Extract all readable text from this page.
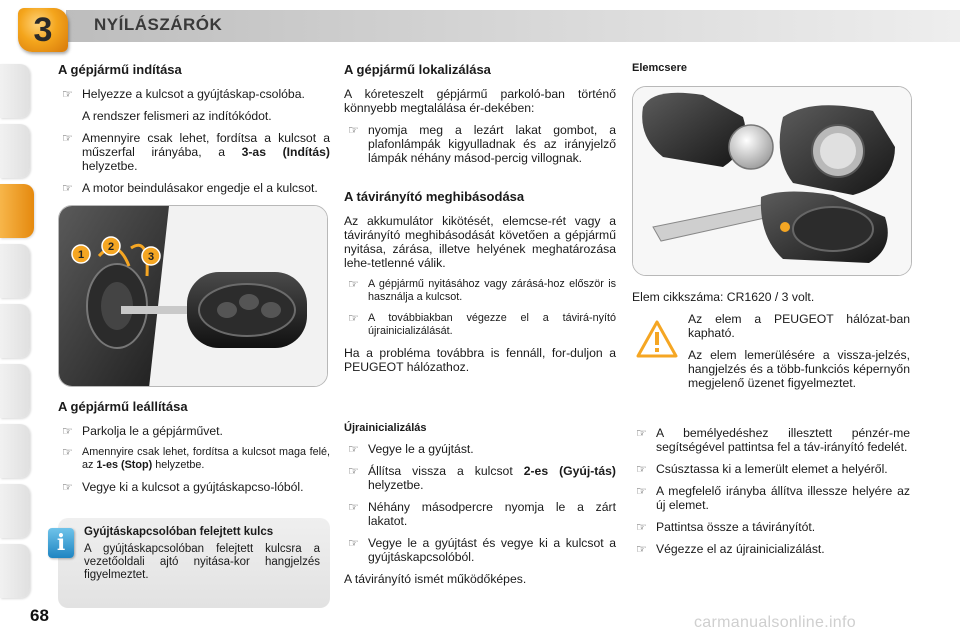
3	NYÍLÁSZÁRÓK
A gépjármű indítása
☞ Helyezze a kulcsot a gyújtáskap-csolóba.
A rendszer felismeri az indítókódot.
☞ Amennyire csak lehet, fordítsa a kulcsot a műszerfal irányába, a 3-as (Indítás) helyzetbe.
☞ A motor beindulásakor engedje el a kulcsot.
1
2
3
A gépjármű leállítása
☞ Parkolja le a gépjárművet.
☞ Amennyire csak lehet, fordítsa a kulcsot maga felé, az 1-es (Stop) helyzetbe.
☞ Vegye ki a kulcsot a gyújtáskapcso-lóból.
Gyújtáskapcsolóban felejtett kulcs
A gyújtáskapcsolóban felejtett kulcsra a vezetőoldali ajtó nyitása-kor hangjelzés figyelmeztet.
i
A gépjármű lokalizálása
A kóreteszelt gépjármű parkoló-ban történő könnyebb megtalálása ér-dekében:
☞ nyomja meg a lezárt lakat gombot, a plafonlámpák kigyulladnak és az irányjelző lámpák néhány másod-percig villognak.
A távirányító meghibásodása
Az akkumulátor kikötését, elemcse-rét vagy a távirányító meghibásodását követően a gépjármű nyitása, zárása, illetve helyének meghatározása lehe-tetlenné válik.
☞ A gépjármű nyitásához vagy zárásá-hoz először is használja a kulcsot.
☞ A továbbiakban végezze el a távirá-nyító újrainicializálását.
Ha a probléma továbbra is fennáll, for-duljon a PEUGEOT hálózathoz.
Újrainicializálás
☞ Vegye le a gyújtást.
☞ Állítsa vissza a kulcsot 2-es (Gyúj-tás) helyzetbe.
☞ Néhány másodpercre nyomja le a zárt lakatot.
☞ Vegye le a gyújtást és vegye ki a kulcsot a gyújtáskapcsolóból.
A távirányító ismét működőképes.
Elemcsere
Elem cikkszáma: CR1620 / 3 volt.
Az elem a PEUGEOT hálózat-ban kapható.
Az elem lemerülésére a vissza-jelzés, hangjelzés és a több-funkciós képernyőn megjelenő üzenet figyelmeztet.
☞ A bemélyedéshez illesztett pénzér-me segítségével pattintsa fel a táv-irányító fedelét.
☞ Csúsztassa ki a lemerült elemet a helyéről.
☞ A megfelelő irányba állítva illessze helyére az új elemet.
☞ Pattintsa össze a távirányítót.
☞ Végezze el az újrainicializálást.
68	carmanualsonline.info
